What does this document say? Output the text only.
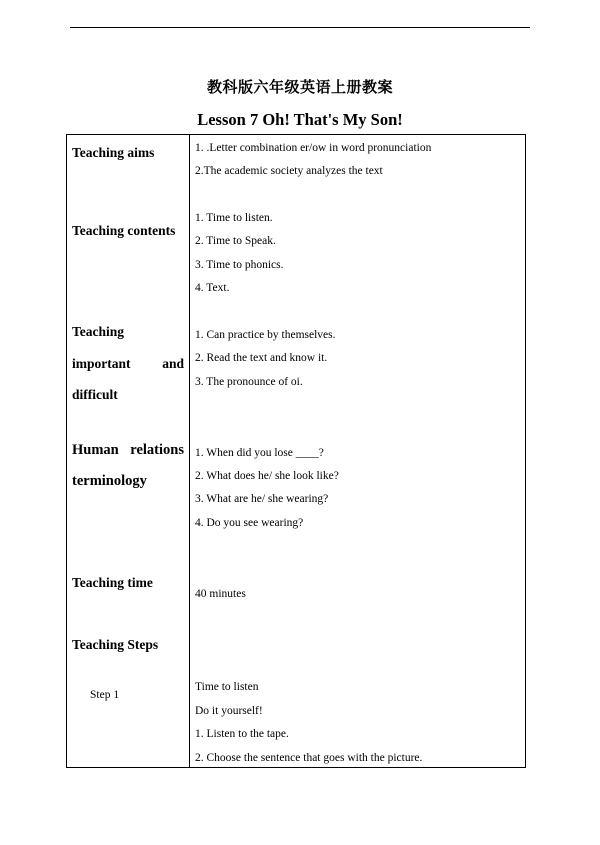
教科版六年级英语上册教案
Lesson 7 Oh! That's My Son!
Teaching aims	1. .Letter combination er/ow in word pronunciation
2.The academic society analyzes the text
Teaching contents
1. Time to listen.
2. Time to Speak.
3. Time to phonics.
4. Text.
Teaching
important and
difficult
1. Can practice by themselves.
2. Read the text and know it.
3. The pronounce of oi.
Human relations
terminology
1. When did you lose ____?
2. What does he/ she look like?
3. What are he/ she wearing?
4. Do you see wearing?
Teaching time
40 minutes
Teaching Steps
Step 1
Time to listen
Do it yourself!
1. Listen to the tape.
2. Choose the sentence that goes with the picture.
